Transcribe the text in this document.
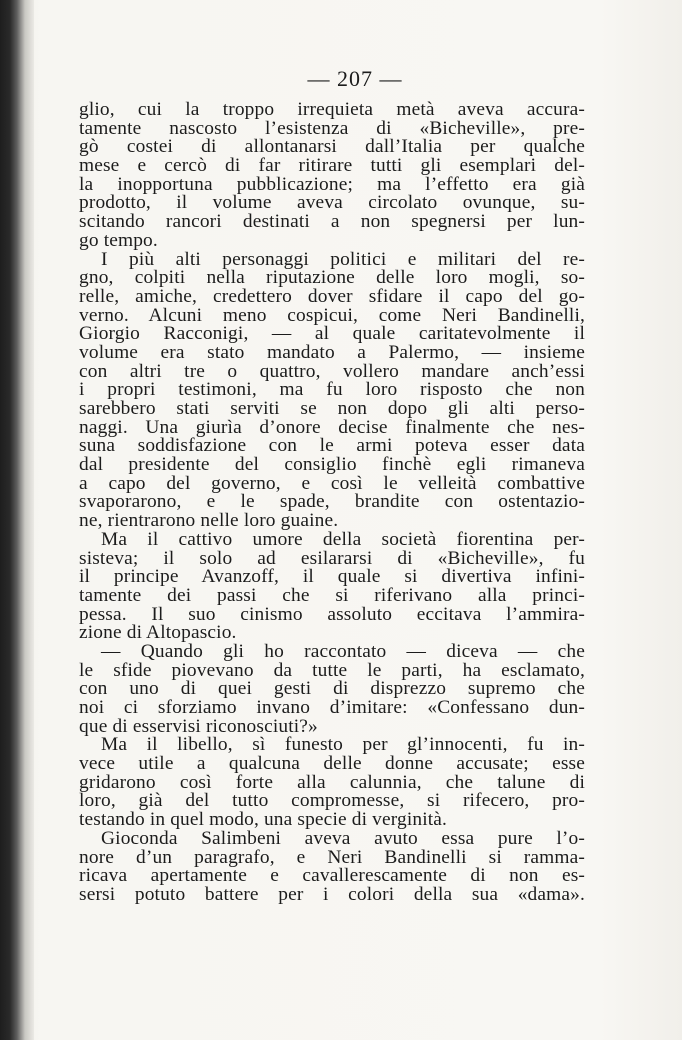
— 207 —
glio, cui la troppo irrequieta metà aveva accura-
tamente nascosto l’esistenza di «Bicheville», pre-
gò costei di allontanarsi dall’Italia per qualche
mese e cercò di far ritirare tutti gli esemplari del-
la inopportuna pubblicazione; ma l’effetto era già
prodotto, il volume aveva circolato ovunque, su-
scitando rancori destinati a non spegnersi per lun-
go tempo.
I più alti personaggi politici e militari del re-
gno, colpiti nella riputazione delle loro mogli, so-
relle, amiche, credettero dover sfidare il capo del go-
verno. Alcuni meno cospicui, come Neri Bandinelli,
Giorgio Racconigi, — al quale caritatevolmente il
volume era stato mandato a Palermo, — insieme
con altri tre o quattro, vollero mandare anch’essi
i propri testimoni, ma fu loro risposto che non
sarebbero stati serviti se non dopo gli alti perso-
naggi. Una giurìa d’onore decise finalmente che nes-
suna soddisfazione con le armi poteva esser data
dal presidente del consiglio finchè egli rimaneva
a capo del governo, e così le velleità combattive
svaporarono, e le spade, brandite con ostentazio-
ne, rientrarono nelle loro guaine.
Ma il cattivo umore della società fiorentina per-
sisteva; il solo ad esilararsi di «Bicheville», fu
il principe Avanzoff, il quale si divertiva infini-
tamente dei passi che si riferivano alla princi-
pessa. Il suo cinismo assoluto eccitava l’ammira-
zione di Altopascio.
— Quando gli ho raccontato — diceva — che
le sfide piovevano da tutte le parti, ha esclamato,
con uno di quei gesti di disprezzo supremo che
noi ci sforziamo invano d’imitare: «Confessano dun-
que di esservisi riconosciuti?»
Ma il libello, sì funesto per gl’innocenti, fu in-
vece utile a qualcuna delle donne accusate; esse
gridarono così forte alla calunnia, che talune di
loro, già del tutto compromesse, si rifecero, pro-
testando in quel modo, una specie di verginità.
Gioconda Salimbeni aveva avuto essa pure l’o-
nore d’un paragrafo, e Neri Bandinelli si ramma-
ricava apertamente e cavallerescamente di non es-
sersi potuto battere per i colori della sua «dama».
